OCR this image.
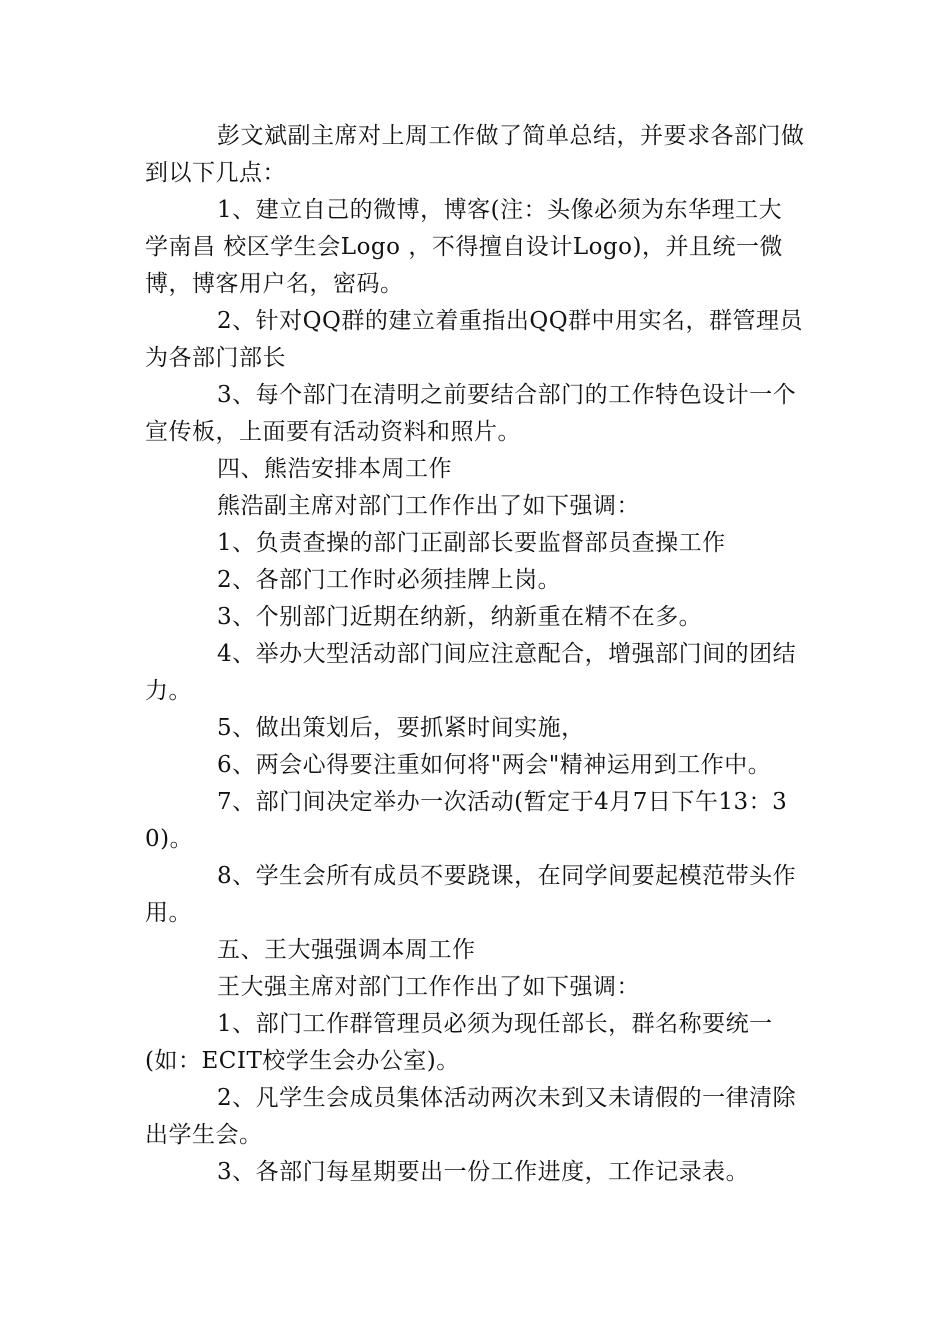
彭文斌副主席对上周工作做了简单总结，并要求各部门做到以下几点：

1、建立自己的微博，博客(注：头像必须为东华理工大学南昌 校区学生会Logo ，不得擅自设计Logo)，并且统一微博，博客用户名，密码。

2、针对QQ群的建立着重指出QQ群中用实名，群管理员为各部门部长

3、每个部门在清明之前要结合部门的工作特色设计一个宣传板，上面要有活动资料和照片。

四、熊浩安排本周工作

熊浩副主席对部门工作作出了如下强调：

1、负责查操的部门正副部长要监督部员查操工作

2、各部门工作时必须挂牌上岗。

3、个别部门近期在纳新，纳新重在精不在多。

4、举办大型活动部门间应注意配合，增强部门间的团结力。

5、做出策划后，要抓紧时间实施，

6、两会心得要注重如何将"两会"精神运用到工作中。

7、部门间决定举办一次活动(暂定于4月7日下午13：30)。

8、学生会所有成员不要跷课，在同学间要起模范带头作用。

五、王大强强调本周工作

王大强主席对部门工作作出了如下强调：

1、部门工作群管理员必须为现任部长，群名称要统一(如：ECIT校学生会办公室)。

2、凡学生会成员集体活动两次未到又未请假的一律清除出学生会。

3、各部门每星期要出一份工作进度，工作记录表。
